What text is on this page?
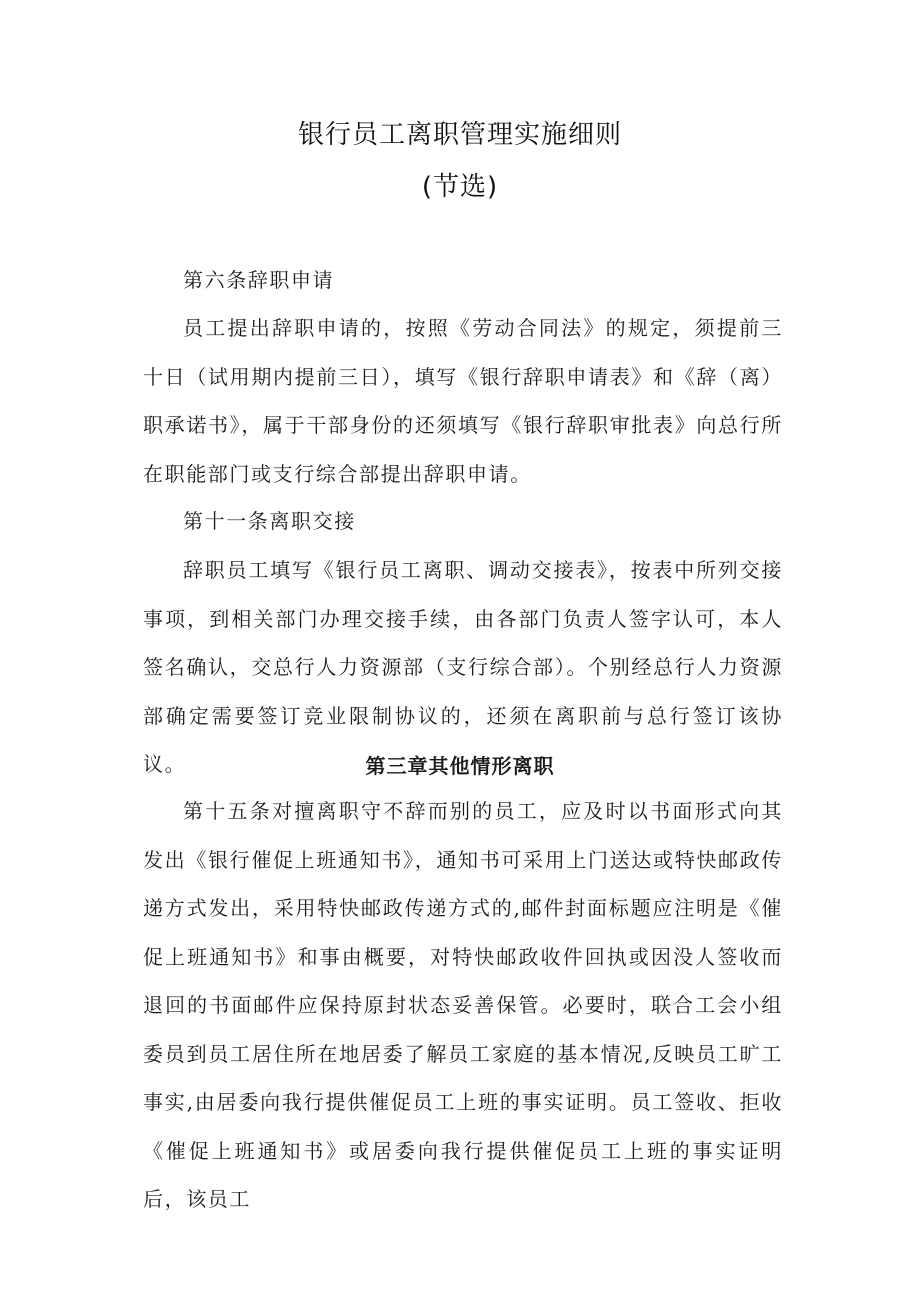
银行员工离职管理实施细则
(节选)

第六条辞职申请

员工提出辞职申请的，按照《劳动合同法》的规定，须提前三十日（试用期内提前三日），填写《银行辞职申请表》和《辞（离）职承诺书》，属于干部身份的还须填写《银行辞职审批表》向总行所在职能部门或支行综合部提出辞职申请。

第十一条离职交接

辞职员工填写《银行员工离职、调动交接表》，按表中所列交接事项，到相关部门办理交接手续，由各部门负责人签字认可，本人签名确认，交总行人力资源部（支行综合部）。个别经总行人力资源部确定需要签订竞业限制协议的，还须在离职前与总行签订该协议。	第三章其他情形离职

第十五条对擅离职守不辞而别的员工，应及时以书面形式向其发出《银行催促上班通知书》，通知书可采用上门送达或特快邮政传递方式发出，采用特快邮政传递方式的,邮件封面标题应注明是《催促上班通知书》和事由概要，对特快邮政收件回执或因没人签收而退回的书面邮件应保持原封状态妥善保管。必要时，联合工会小组委员到员工居住所在地居委了解员工家庭的基本情况,反映员工旷工事实,由居委向我行提供催促员工上班的事实证明。员工签收、拒收《催促上班通知书》或居委向我行提供催促员工上班的事实证明后，该员工
